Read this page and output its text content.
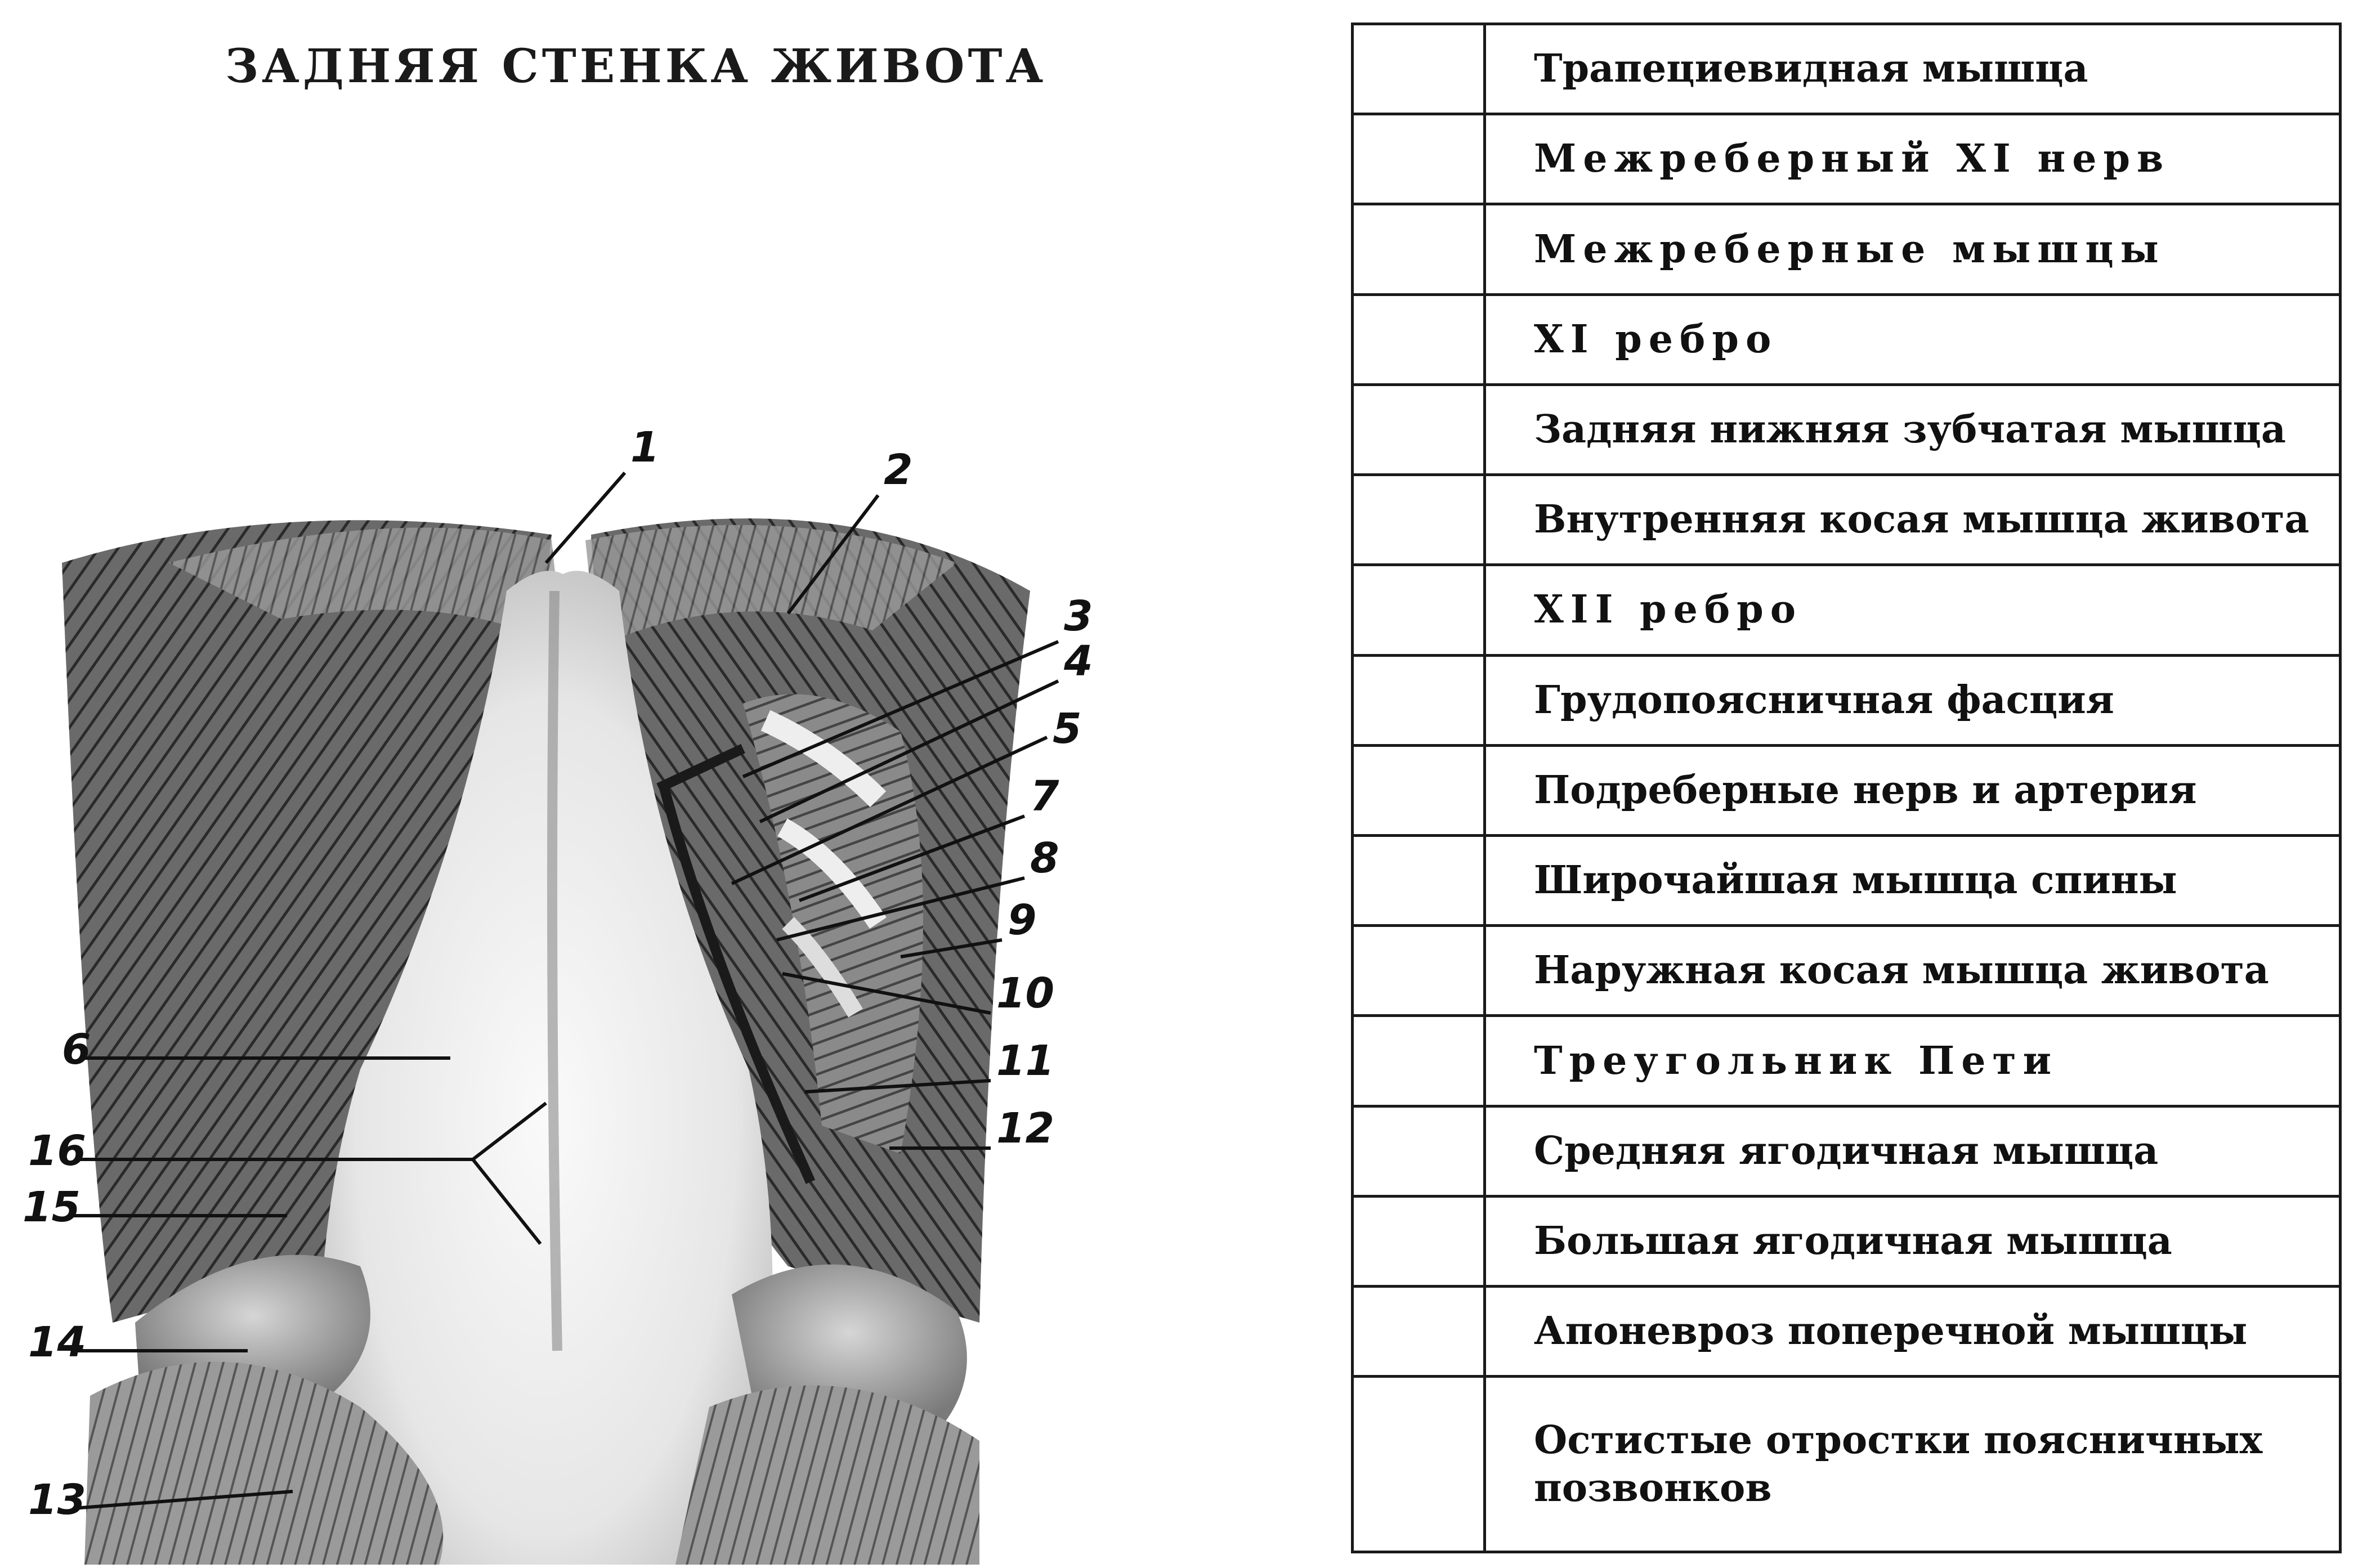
ЗАДНЯЯ СТЕНКА ЖИВОТА
1	2
3
4
5
6
7
8
9
10
11
12
13
14
15
16
	Трапециевидная мышца
	Межреберный XI нерв
	Межреберные мышцы
	XI ребро
	Задняя нижняя зубчатая мышца
	Внутренняя косая мышца живота
	XII ребро
	Грудопоясничная фасция
	Подреберные нерв и артерия
	Широчайшая мышца спины
	Наружная косая мышца живота
	Треугольник Пети
	Средняя ягодичная мышца
	Большая ягодичная мышца
	Апоневроз поперечной мышцы
	Остистые отростки поясничных позвонков
